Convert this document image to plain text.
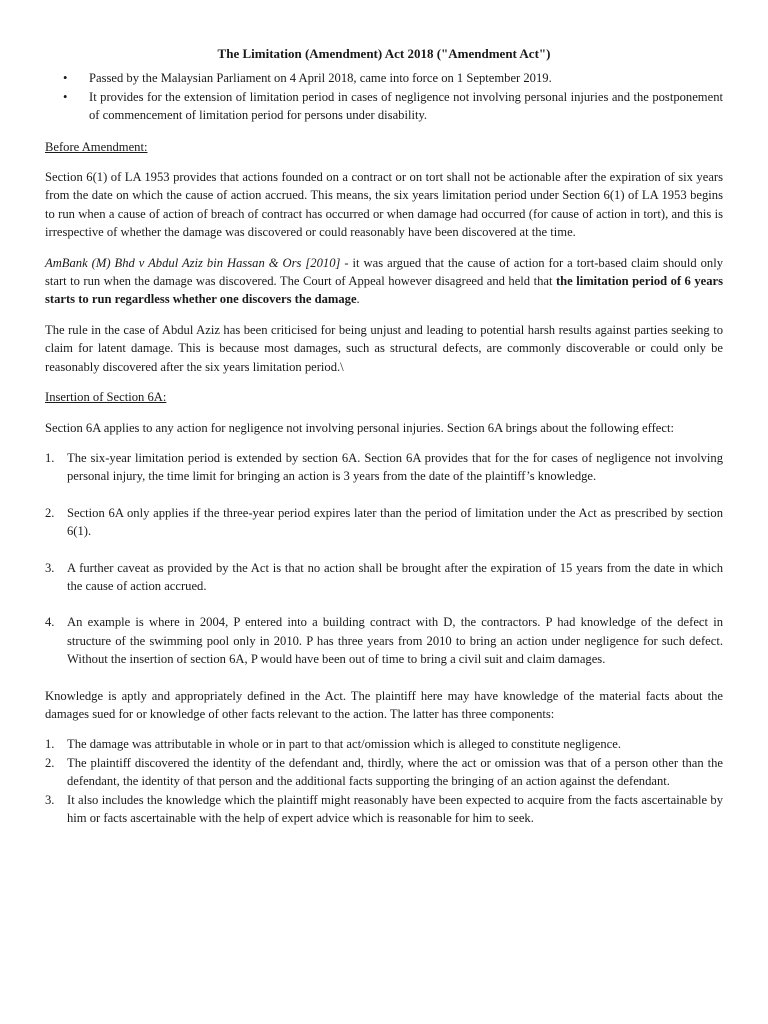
The Limitation (Amendment) Act 2018 ("Amendment Act")
• Passed by the Malaysian Parliament on 4 April 2018, came into force on 1 September 2019.
• It provides for the extension of limitation period in cases of negligence not involving personal injuries and the postponement of commencement of limitation period for persons under disability.

Before Amendment:

Section 6(1) of LA 1953 provides that actions founded on a contract or on tort shall not be actionable after the expiration of six years from the date on which the cause of action accrued. This means, the six years limitation period under Section 6(1) of LA 1953 begins to run when a cause of action of breach of contract has occurred or when damage had occurred (for cause of action in tort), and this is irrespective of whether the damage was discovered or could reasonably have been discovered at the time.

AmBank (M) Bhd v Abdul Aziz bin Hassan & Ors [2010] - it was argued that the cause of action for a tort-based claim should only start to run when the damage was discovered. The Court of Appeal however disagreed and held that the limitation period of 6 years starts to run regardless whether one discovers the damage.

The rule in the case of Abdul Aziz has been criticised for being unjust and leading to potential harsh results against parties seeking to claim for latent damage. This is because most damages, such as structural defects, are commonly discoverable or could only be reasonably discovered after the six years limitation period.\

Insertion of Section 6A:

Section 6A applies to any action for negligence not involving personal injuries. Section 6A brings about the following effect:

1. The six-year limitation period is extended by section 6A. Section 6A provides that for the for cases of negligence not involving personal injury, the time limit for bringing an action is 3 years from the date of the plaintiff’s knowledge.
2. Section 6A only applies if the three-year period expires later than the period of limitation under the Act as prescribed by section 6(1).
3. A further caveat as provided by the Act is that no action shall be brought after the expiration of 15 years from the date in which the cause of action accrued.
4. An example is where in 2004, P entered into a building contract with D, the contractors. P had knowledge of the defect in structure of the swimming pool only in 2010. P has three years from 2010 to bring an action under negligence for such defect. Without the insertion of section 6A, P would have been out of time to bring a civil suit and claim damages.

Knowledge is aptly and appropriately defined in the Act. The plaintiff here may have knowledge of the material facts about the damages sued for or knowledge of other facts relevant to the action. The latter has three components:

1. The damage was attributable in whole or in part to that act/omission which is alleged to constitute negligence.
2. The plaintiff discovered the identity of the defendant and, thirdly, where the act or omission was that of a person other than the defendant, the identity of that person and the additional facts supporting the bringing of an action against the defendant.
3. It also includes the knowledge which the plaintiff might reasonably have been expected to acquire from the facts ascertainable by him or facts ascertainable with the help of expert advice which is reasonable for him to seek.
